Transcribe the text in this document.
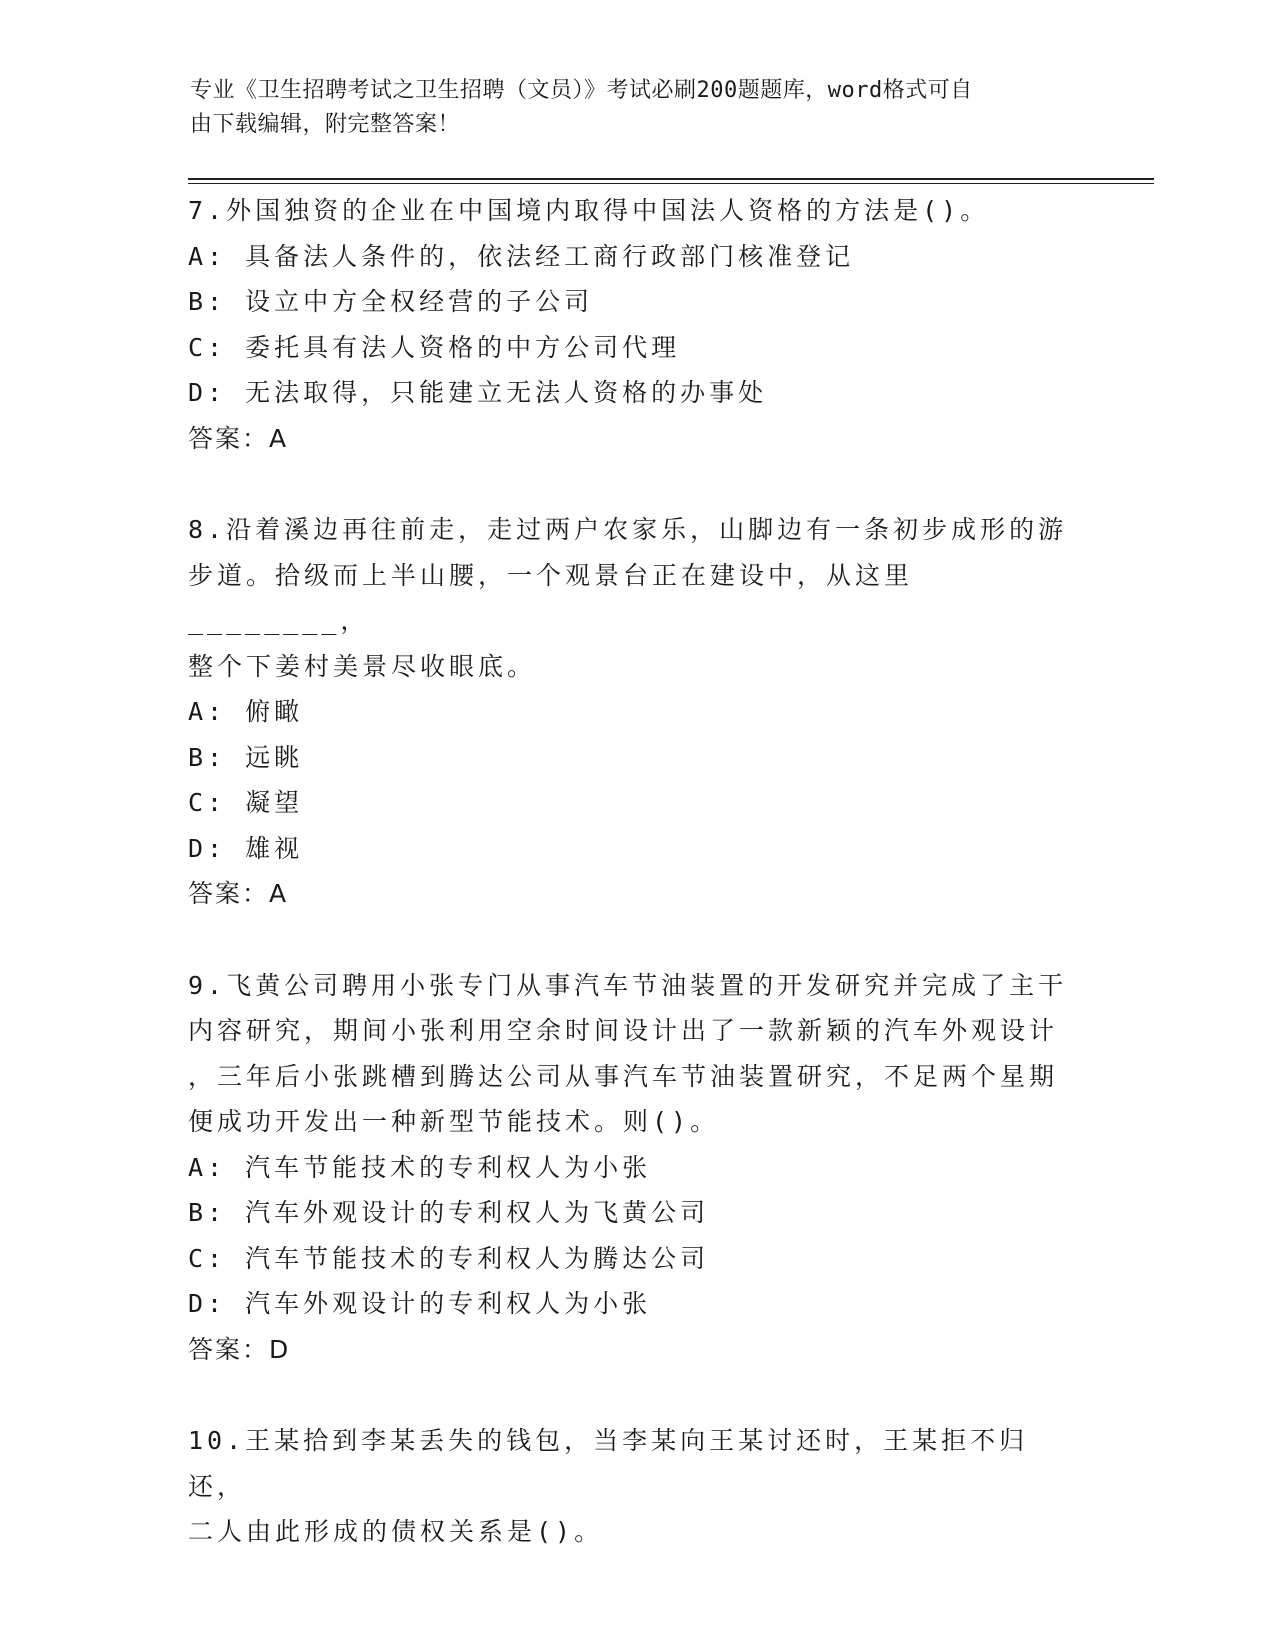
专业《卫生招聘考试之卫生招聘（文员）》考试必刷200题题库，word格式可自
由下载编辑，附完整答案！
7.外国独资的企业在中国境内取得中国法人资格的方法是()。
A: 具备法人条件的，依法经工商行政部门核准登记
B: 设立中方全权经营的子公司
C: 委托具有法人资格的中方公司代理
D: 无法取得，只能建立无法人资格的办事处
答案：A
8.沿着溪边再往前走，走过两户农家乐，山脚边有一条初步成形的游
步道。拾级而上半山腰，一个观景台正在建设中，从这里________，
整个下姜村美景尽收眼底。
A: 俯瞰
B: 远眺
C: 凝望
D: 雄视
答案：A
9.飞黄公司聘用小张专门从事汽车节油装置的开发研究并完成了主干
内容研究，期间小张利用空余时间设计出了一款新颖的汽车外观设计
，三年后小张跳槽到腾达公司从事汽车节油装置研究，不足两个星期
便成功开发出一种新型节能技术。则()。
A: 汽车节能技术的专利权人为小张
B: 汽车外观设计的专利权人为飞黄公司
C: 汽车节能技术的专利权人为腾达公司
D: 汽车外观设计的专利权人为小张
答案：D
10.王某拾到李某丢失的钱包，当李某向王某讨还时，王某拒不归还，
二人由此形成的债权关系是()。
